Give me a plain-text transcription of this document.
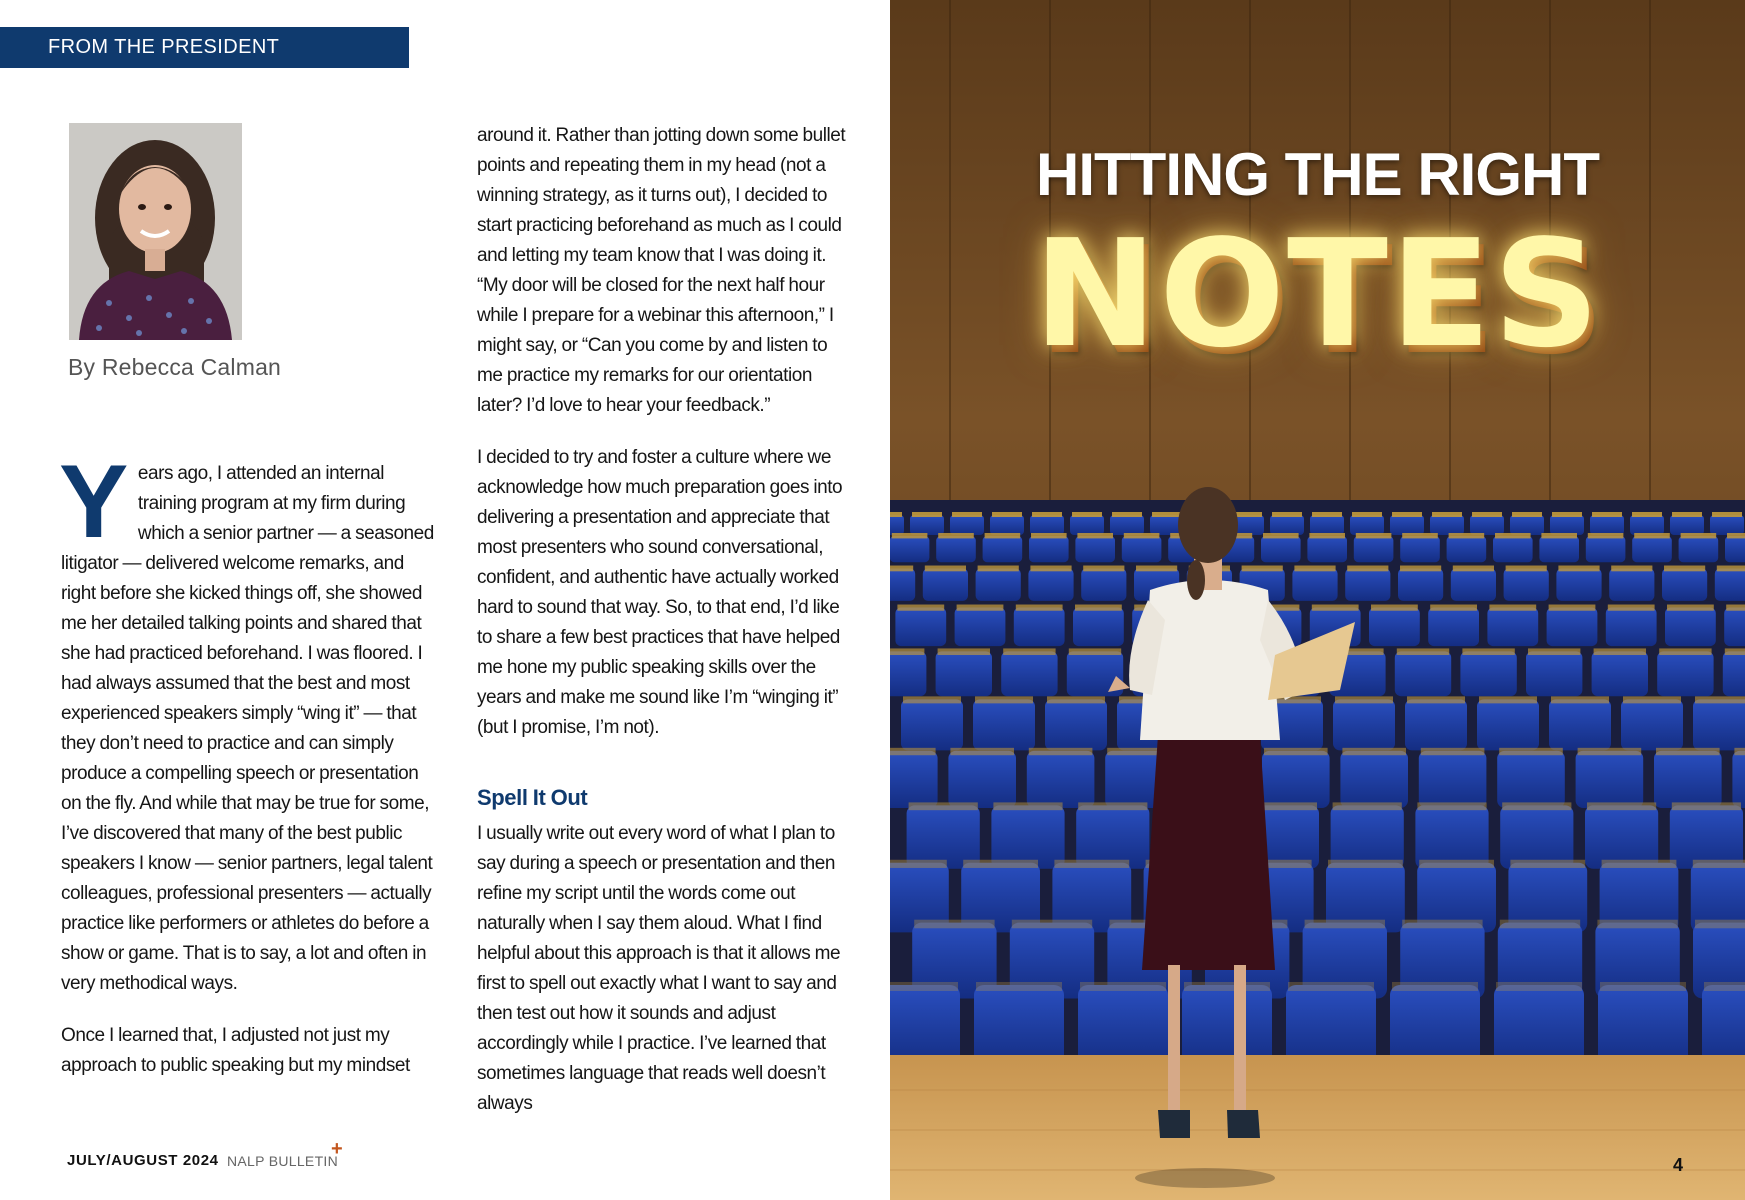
FROM THE PRESIDENT
By Rebecca Calman

Years ago, I attended an internal training program at my firm during which a senior partner — a seasoned litigator — delivered welcome remarks, and right before she kicked things off, she showed me her detailed talking points and shared that she had practiced beforehand. I was floored. I had always assumed that the best and most experienced speakers simply “wing it” — that they don’t need to practice and can simply produce a compelling speech or presentation on the fly. And while that may be true for some, I’ve discovered that many of the best public speakers I know — senior partners, legal talent colleagues, professional presenters — actually practice like performers or athletes do before a show or game. That is to say, a lot and often in very methodical ways.

Once I learned that, I adjusted not just my approach to public speaking but my mindset

around it. Rather than jotting down some bullet points and repeating them in my head (not a winning strategy, as it turns out), I decided to start practicing beforehand as much as I could and letting my team know that I was doing it. “My door will be closed for the next half hour while I prepare for a webinar this afternoon,” I might say, or “Can you come by and listen to me practice my remarks for our orientation later? I’d love to hear your feedback.”

I decided to try and foster a culture where we acknowledge how much preparation goes into delivering a presentation and appreciate that most presenters who sound conversational, confident, and authentic have actually worked hard to sound that way. So, to that end, I’d like to share a few best practices that have helped me hone my public speaking skills over the years and make me sound like I’m “winging it” (but I promise, I’m not).

Spell It Out

I usually write out every word of what I plan to say during a speech or presentation and then refine my script until the words come out naturally when I say them aloud. What I find helpful about this approach is that it allows me first to spell out exactly what I want to say and then test out how it sounds and adjust accordingly while I practice. I’ve learned that sometimes language that reads well doesn’t always

JULY/AUGUST 2024 NALP BULLETIN
+
HITTING THE RIGHT
NOTES
4
